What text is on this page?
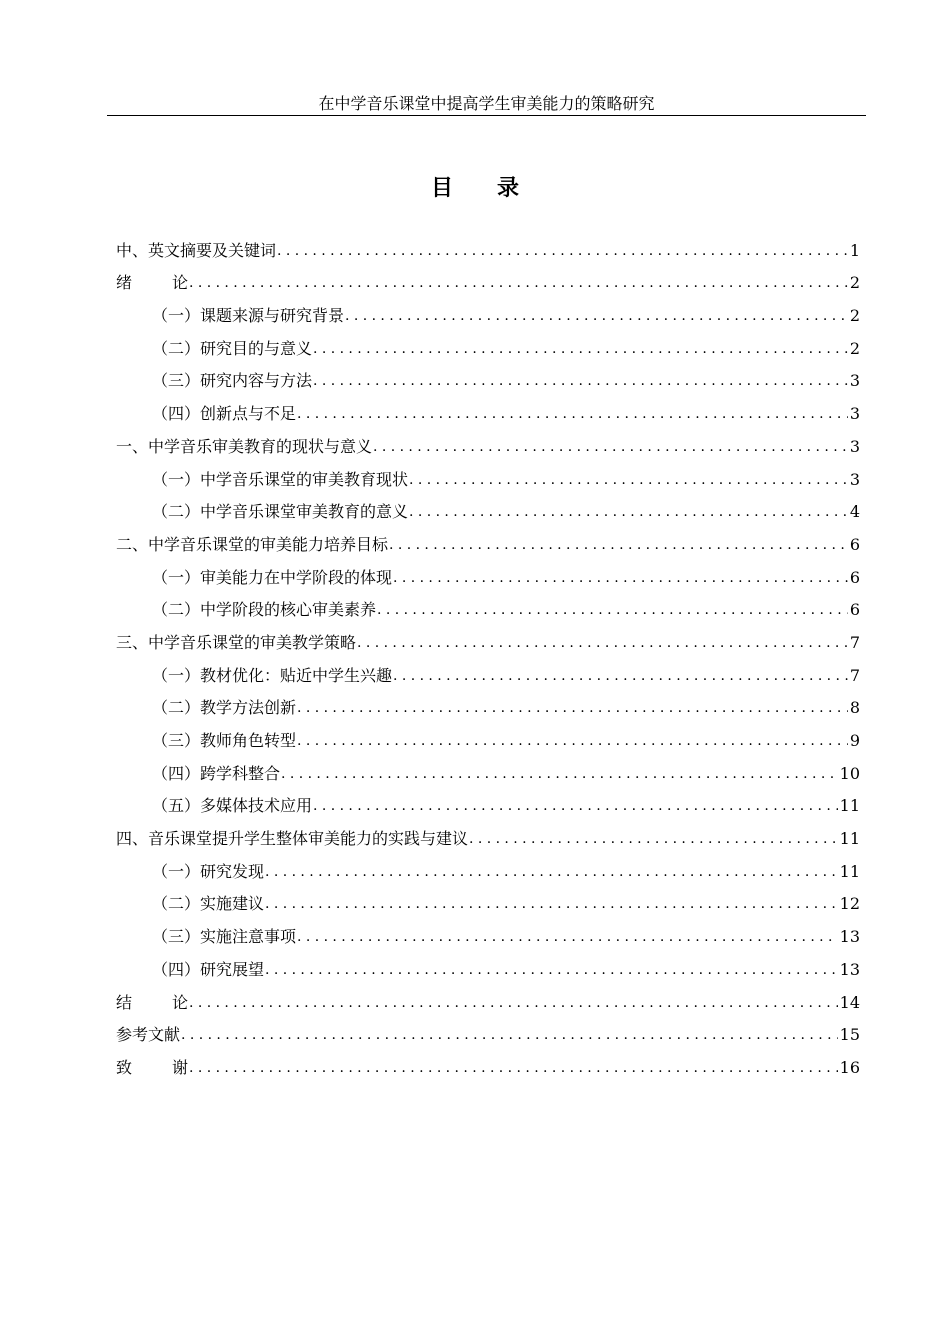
在中学音乐课堂中提高学生审美能力的策略研究
目录
中、英文摘要及关键词 .....	1
绪论 .....	2
（一）课题来源与研究背景 .....	2
（二）研究目的与意义 .....	2
（三）研究内容与方法 .....	3
（四）创新点与不足 .....	3
一、中学音乐审美教育的现状与意义 .....	3
（一）中学音乐课堂的审美教育现状 .....	3
（二）中学音乐课堂审美教育的意义 .....	4
二、中学音乐课堂的审美能力培养目标 .....	6
（一）审美能力在中学阶段的体现 .....	6
（二）中学阶段的核心审美素养 .....	6
三、中学音乐课堂的审美教学策略 .....	7
（一）教材优化：贴近中学生兴趣 .....	7
（二）教学方法创新 .....	8
（三）教师角色转型 .....	9
（四）跨学科整合 .....	10
（五）多媒体技术应用 .....	11
四、音乐课堂提升学生整体审美能力的实践与建议 .....	11
（一）研究发现 .....	11
（二）实施建议 .....	12
（三）实施注意事项 .....	13
（四）研究展望 .....	13
结论 .....	14
参考文献 .....	15
致谢 .....	16
